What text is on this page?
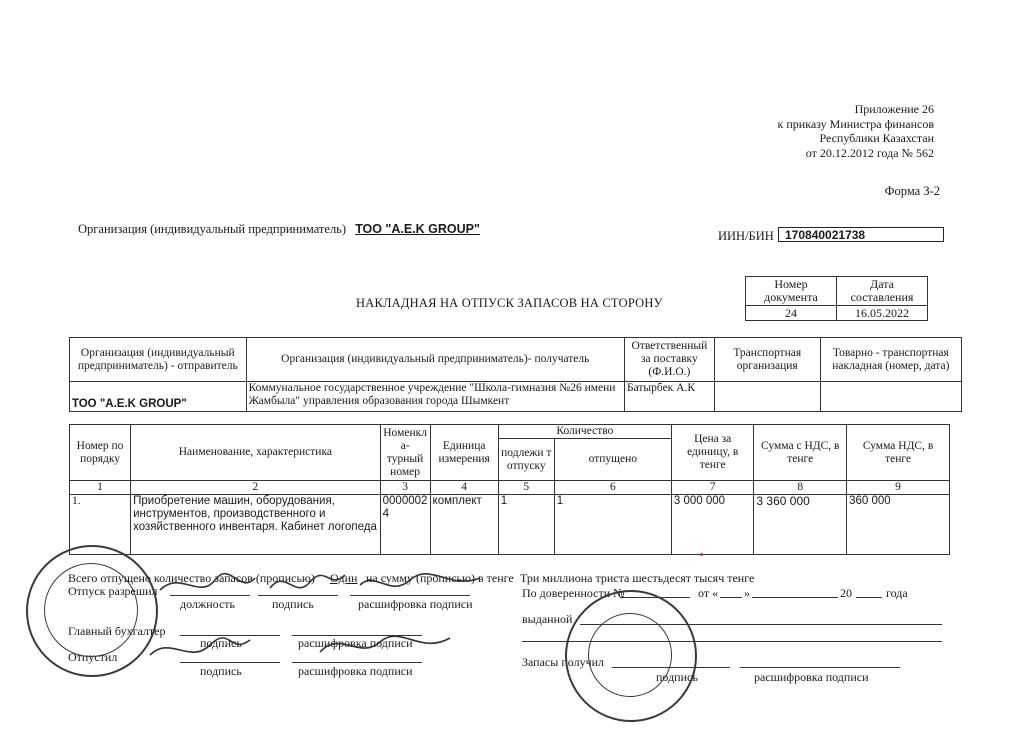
Приложение 26
к приказу Министра финансов
Республики Казахстан
от 20.12.2012 года № 562
Форма З-2
Организация (индивидуальный предприниматель) ТОО "A.E.K GROUP"	ИИН/БИН 170840021738
НАКЛАДНАЯ НА ОТПУСК ЗАПАСОВ НА СТОРОНУ
Номер документа	Дата составления
24	16.05.2022
Организация (индивидуальный предприниматель) - отправитель	Организация (индивидуальный предприниматель)- получатель	Ответственный за поставку (Ф.И.О.)	Транспортная организация	Товарно - транспортная накладная (номер, дата)
ТОО "A.E.K GROUP"	Коммунальное государственное учреждение "Школа-гимназия №26 имени Жамбыла" управления образования города Шымкент	Батырбек А.К		
Номер по порядку	Наименование, характеристика	Номенкл а-турный номер	Единица измерения	Количество		Цена за единицу, в тенге	Сумма с НДС, в тенге	Сумма НДС, в тенге
				подлежи т отпуску	отпущено			
1	2	3	4	5	6	7	8	9
1.	Приобретение машин, оборудования, инструментов, производственного и хозяйственного инвентаря. Кабинет логопеда	0000002 4	комплект	1	1	3 000 000	3 360 000	360 000
Всего отпущено количество запасов (прописью) Один на сумму (прописью) в тенге Три миллиона триста шестьдесят тысяч тенге
Отпуск разрешил
должность	подпись	расшифровка подписи
Главный бухгалтер
подпись	расшифровка подписи
Отпустил
подпись	расшифровка подписи
По доверенности №	от « »	20	года
выданной
Запасы получил
подпись	расшифровка подписи
